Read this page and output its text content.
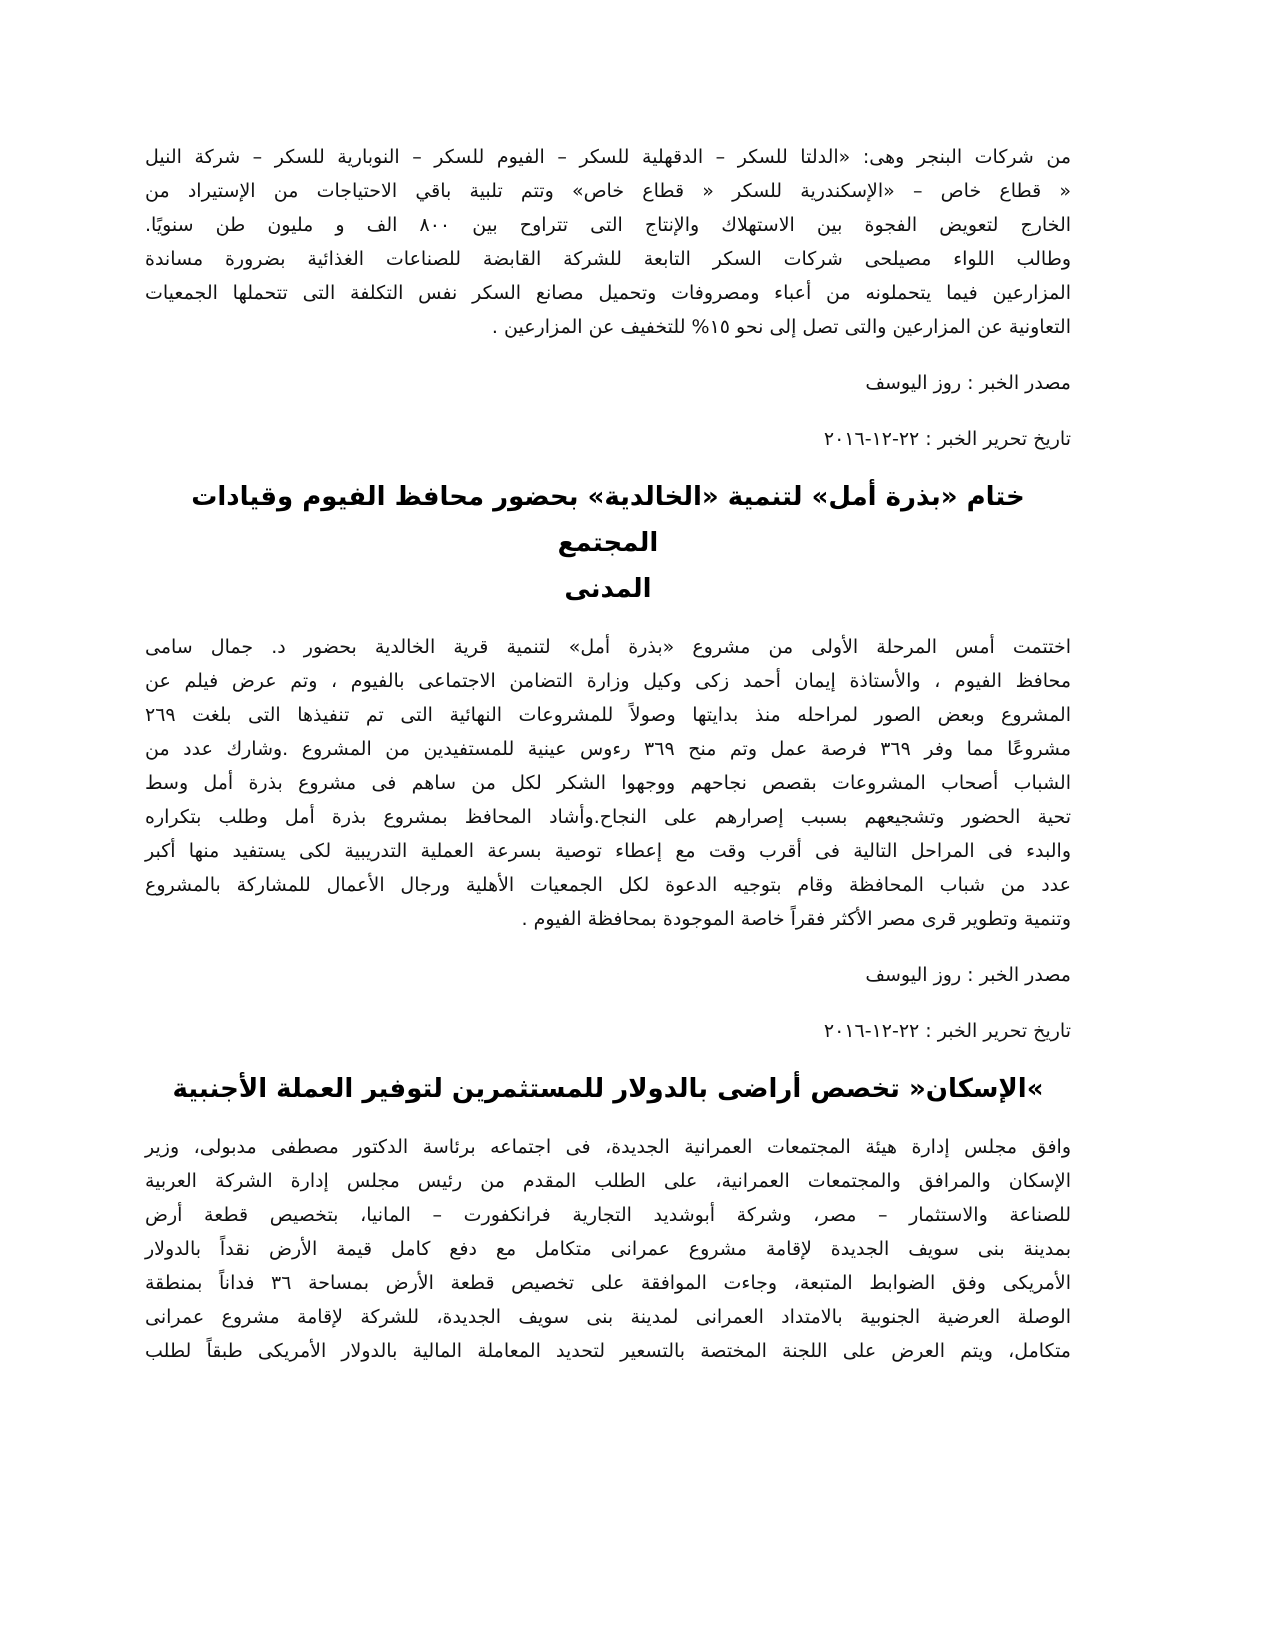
من شركات البنجر وهى: «الدلتا للسكر – الدقهلية للسكر – الفيوم للسكر – النوبارية للسكر – شركة النيل
« قطاع خاص – «الإسكندرية للسكر « قطاع خاص» وتتم تلبية باقي الاحتياجات من الإستيراد من
الخارج لتعويض الفجوة بين الاستهلاك والإنتاج التى تتراوح بين ٨٠٠ الف و مليون طن سنويًا.
وطالب اللواء مصيلحى شركات السكر التابعة للشركة القابضة للصناعات الغذائية بضرورة مساندة
المزارعين فيما يتحملونه من أعباء ومصروفات وتحميل مصانع السكر نفس التكلفة التى تتحملها الجمعيات
التعاونية عن المزارعين والتى تصل إلى نحو ١٥% للتخفيف عن المزارعين .

مصدر الخبر : روز اليوسف

تاريخ تحرير الخبر : ٢٢-١٢-٢٠١٦

ختام «بذرة أمل» لتنمية «الخالدية» بحضور محافظ الفيوم وقيادات المجتمع
المدنى
اختتمت أمس المرحلة الأولى من مشروع «بذرة أمل» لتنمية قرية الخالدية بحضور د. جمال سامى
محافظ الفيوم ، والأستاذة إيمان أحمد زكى وكيل وزارة التضامن الاجتماعى بالفيوم ، وتم عرض فيلم عن
المشروع وبعض الصور لمراحله منذ بدايتها وصولاً للمشروعات النهائية التى تم تنفيذها التى بلغت ٢٦٩
مشروعًا مما وفر ٣٦٩ فرصة عمل وتم منح ٣٦٩ رءوس عينية للمستفيدين من المشروع .وشارك عدد من
الشباب أصحاب المشروعات بقصص نجاحهم ووجهوا الشكر لكل من ساهم فى مشروع بذرة أمل وسط
تحية الحضور وتشجيعهم بسبب إصرارهم على النجاح.وأشاد المحافظ بمشروع بذرة أمل وطلب بتكراره
والبدء فى المراحل التالية فى أقرب وقت مع إعطاء توصية بسرعة العملية التدريبية لكى يستفيد منها أكبر
عدد من شباب المحافظة وقام بتوجيه الدعوة لكل الجمعيات الأهلية ورجال الأعمال للمشاركة بالمشروع
وتنمية وتطوير قرى مصر الأكثر فقراً خاصة الموجودة بمحافظة الفيوم .

مصدر الخبر : روز اليوسف

تاريخ تحرير الخبر : ٢٢-١٢-٢٠١٦

»الإسكان« تخصص أراضى بالدولار للمستثمرين لتوفير العملة الأجنبية
وافق مجلس إدارة هيئة المجتمعات العمرانية الجديدة، فى اجتماعه برئاسة الدكتور مصطفى مدبولى، وزير
الإسكان والمرافق والمجتمعات العمرانية، على الطلب المقدم من رئيس مجلس إدارة الشركة العربية
للصناعة والاستثمار – مصر، وشركة أبوشديد التجارية فرانكفورت – المانيا، بتخصيص قطعة أرض
بمدينة بنى سويف الجديدة لإقامة مشروع عمرانى متكامل مع دفع كامل قيمة الأرض نقداً بالدولار
الأمريكى وفق الضوابط المتبعة، وجاءت الموافقة على تخصيص قطعة الأرض بمساحة ٣٦ فداناً بمنطقة
الوصلة العرضية الجنوبية بالامتداد العمرانى لمدينة بنى سويف الجديدة، للشركة لإقامة مشروع عمرانى
متكامل، ويتم العرض على اللجنة المختصة بالتسعير لتحديد المعاملة المالية بالدولار الأمريكى طبقاً لطلب
